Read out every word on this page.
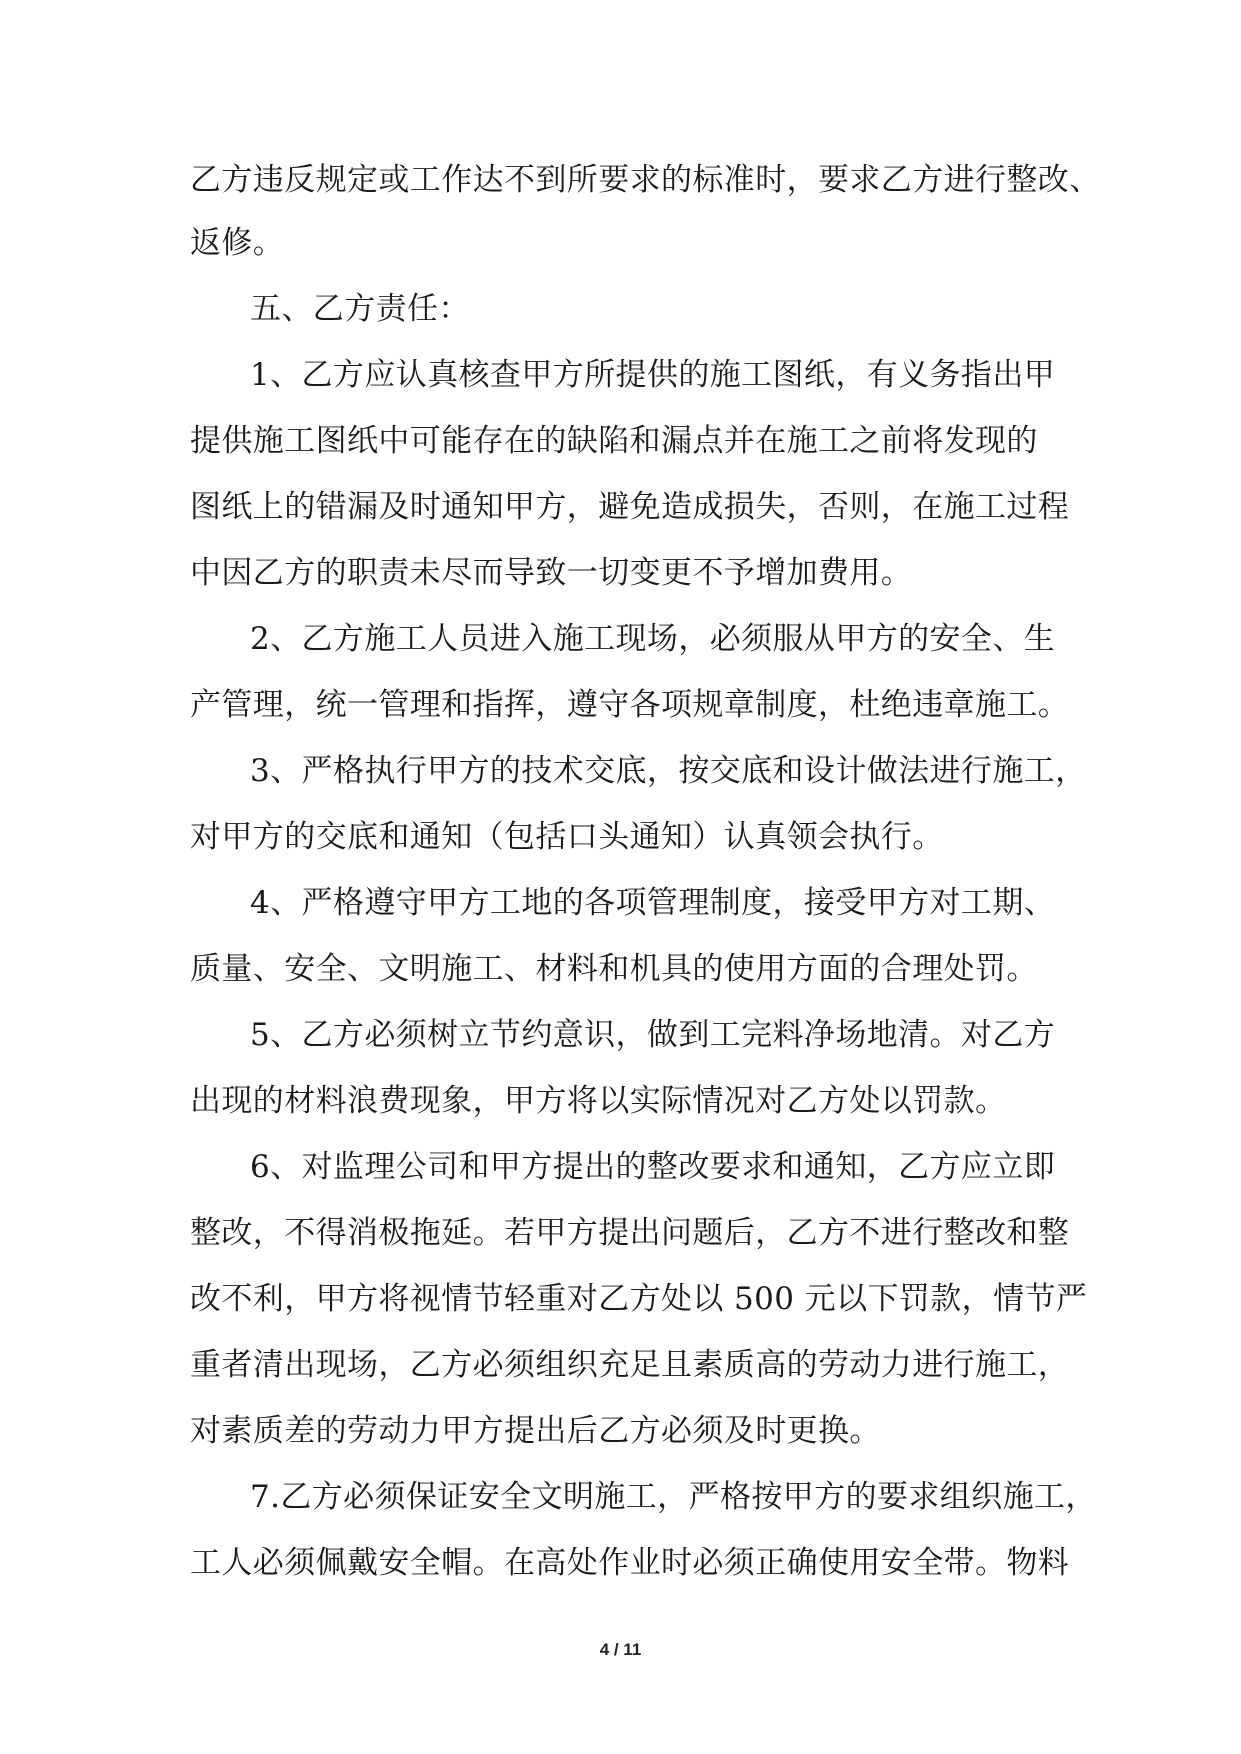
乙方违反规定或工作达不到所要求的标准时，要求乙方进行整改、
返修。
五、乙方责任：
1、乙方应认真核查甲方所提供的施工图纸，有义务指出甲
提供施工图纸中可能存在的缺陷和漏点并在施工之前将发现的
图纸上的错漏及时通知甲方，避免造成损失，否则，在施工过程
中因乙方的职责未尽而导致一切变更不予增加费用。
2、乙方施工人员进入施工现场，必须服从甲方的安全、生
产管理，统一管理和指挥，遵守各项规章制度，杜绝违章施工。
3、严格执行甲方的技术交底，按交底和设计做法进行施工，
对甲方的交底和通知（包括口头通知）认真领会执行。
4、严格遵守甲方工地的各项管理制度，接受甲方对工期、
质量、安全、文明施工、材料和机具的使用方面的合理处罚。
5、乙方必须树立节约意识，做到工完料净场地清。对乙方
出现的材料浪费现象，甲方将以实际情况对乙方处以罚款。
6、对监理公司和甲方提出的整改要求和通知，乙方应立即
整改，不得消极拖延。若甲方提出问题后，乙方不进行整改和整
改不利，甲方将视情节轻重对乙方处以 500 元以下罚款，情节严
重者清出现场，乙方必须组织充足且素质高的劳动力进行施工，
对素质差的劳动力甲方提出后乙方必须及时更换。
7.乙方必须保证安全文明施工，严格按甲方的要求组织施工，
工人必须佩戴安全帽。在高处作业时必须正确使用安全带。物料
4 / 11
